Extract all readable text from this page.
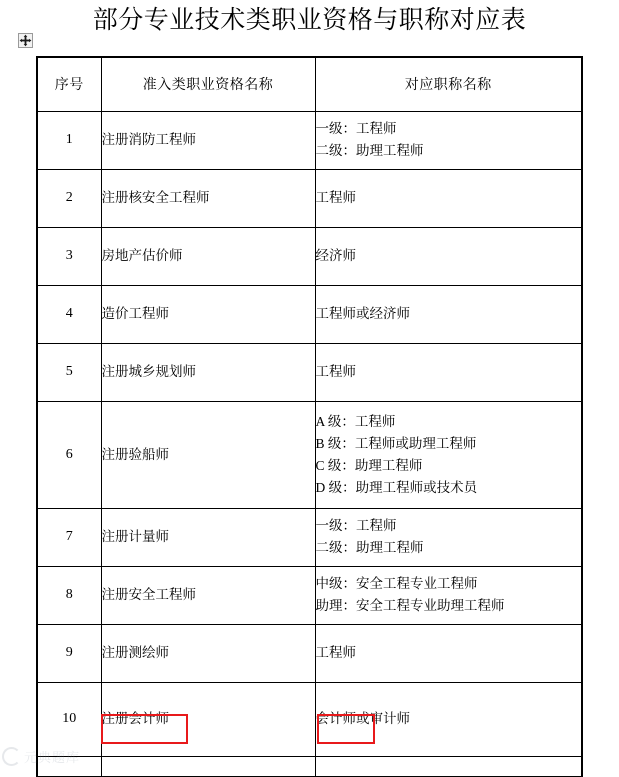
部分专业技术类职业资格与职称对应表
序号	准入类职业资格名称	对应职称名称
1	注册消防工程师	一级：工程师
二级：助理工程师

2	注册核安全工程师	工程师

3	房地产估价师	经济师

4	造价工程师	工程师或经济师

5	注册城乡规划师	工程师

6	注册验船师	A 级：工程师
B 级：工程师或助理工程师
C 级：助理工程师
D 级：助理工程师或技术员

7	注册计量师	一级：工程师
二级：助理工程师

8	注册安全工程师	中级：安全工程专业工程师
助理：安全工程专业助理工程师

9	注册测绘师	工程师

10	注册会计师	会计师或审计师

元典题库
